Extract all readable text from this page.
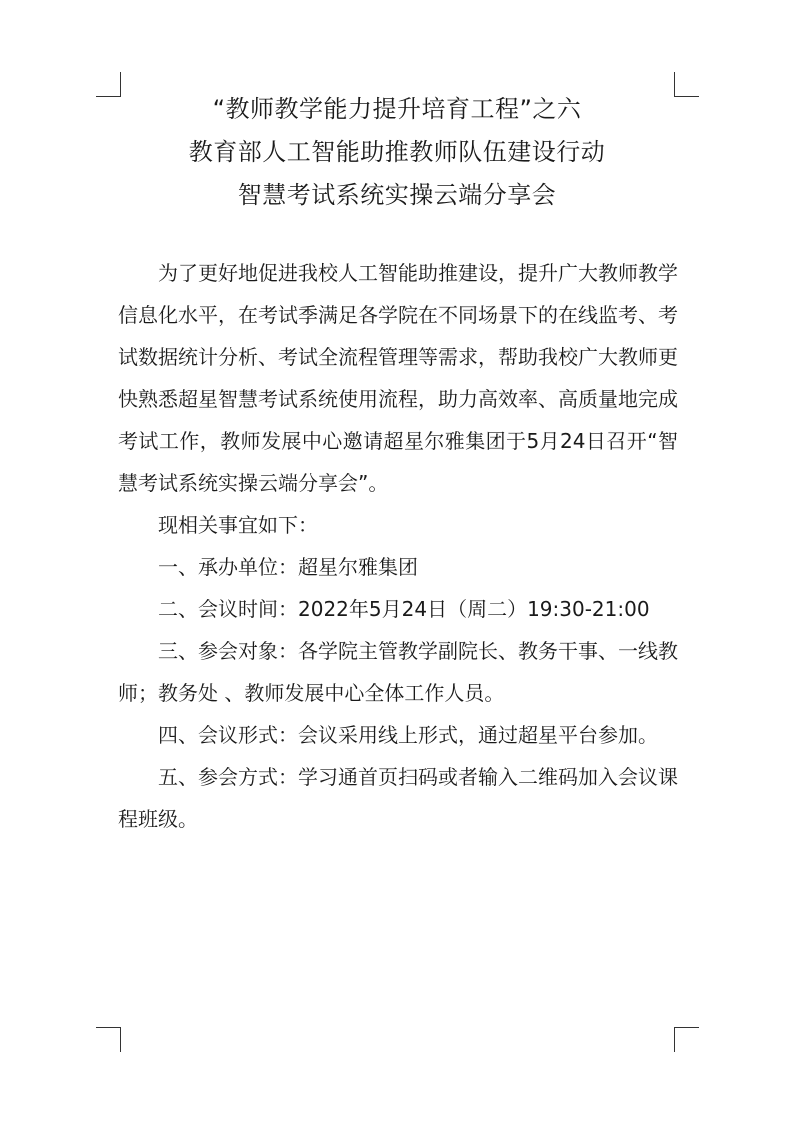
“教师教学能力提升培育工程”之六
教育部人工智能助推教师队伍建设行动
智慧考试系统实操云端分享会

为了更好地促进我校人工智能助推建设，提升广大教师教学信息化水平，在考试季满足各学院在不同场景下的在线监考、考试数据统计分析、考试全流程管理等需求，帮助我校广大教师更快熟悉超星智慧考试系统使用流程，助力高效率、高质量地完成考试工作，教师发展中心邀请超星尔雅集团于5月24日召开“智慧考试系统实操云端分享会”。

现相关事宜如下：

一、承办单位：超星尔雅集团

二、会议时间：2022年5月24日（周二）19:30-21:00

三、参会对象：各学院主管教学副院长、教务干事、一线教师；教务处 、教师发展中心全体工作人员。

四、会议形式：会议采用线上形式，通过超星平台参加。

五、参会方式：学习通首页扫码或者输入二维码加入会议课程班级。
